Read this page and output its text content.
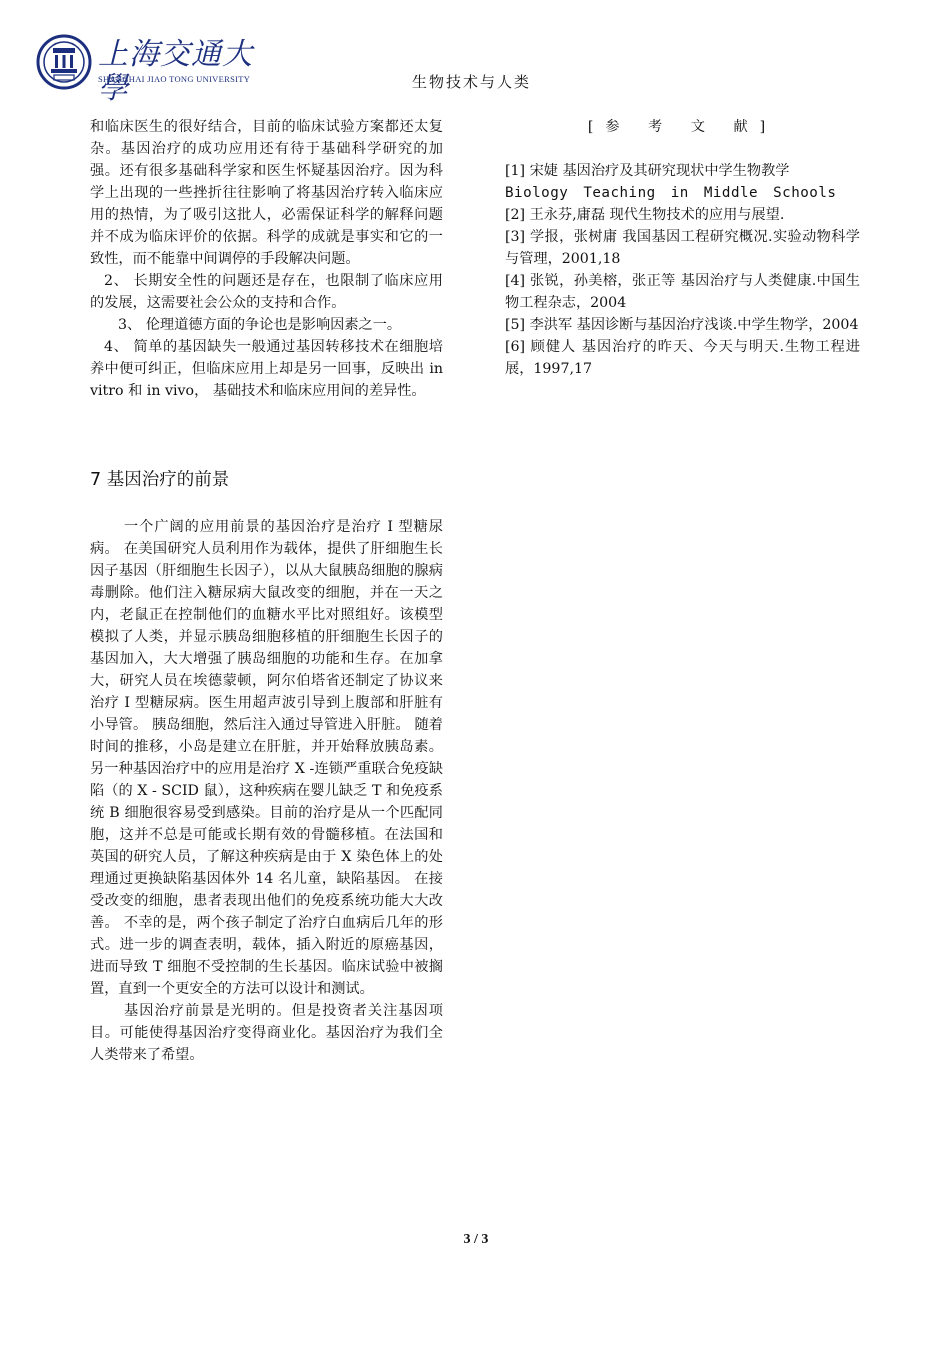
上海交通大學
SHANGHAI JIAO TONG UNIVERSITY	生物技术与人类

和临床医生的很好结合，目前的临床试验方案都还太复杂。基因治疗的成功应用还有待于基础科学研究的加强。还有很多基础科学家和医生怀疑基因治疗。因为科学上出现的一些挫折往往影响了将基因治疗转入临床应用的热情，为了吸引这批人，必需保证科学的解释问题并不成为临床评价的依据。科学的成就是事实和它的一致性，而不能靠中间调停的手段解决问题。

2、 长期安全性的问题还是存在，也限制了临床应用的发展，这需要社会公众的支持和合作。

3、 伦理道德方面的争论也是影响因素之一。

4、 简单的基因缺失一般通过基因转移技术在细胞培养中便可纠正，但临床应用上却是另一回事，反映出 in vitro 和 in vivo， 基础技术和临床应用间的差异性。

7 基因治疗的前景

一个广阔的应用前景的基因治疗是治疗 I 型糖尿病。 在美国研究人员利用作为载体，提供了肝细胞生长因子基因（肝细胞生长因子），以从大鼠胰岛细胞的腺病毒删除。他们注入糖尿病大鼠改变的细胞，并在一天之内，老鼠正在控制他们的血糖水平比对照组好。该模型模拟了人类，并显示胰岛细胞移植的肝细胞生长因子的基因加入，大大增强了胰岛细胞的功能和生存。在加拿大，研究人员在埃德蒙顿，阿尔伯塔省还制定了协议来治疗 I 型糖尿病。医生用超声波引导到上腹部和肝脏有小导管。 胰岛细胞，然后注入通过导管进入肝脏。 随着时间的推移，小岛是建立在肝脏，并开始释放胰岛素。另一种基因治疗中的应用是治疗 X -连锁严重联合免疫缺陷（的 X - SCID 鼠），这种疾病在婴儿缺乏 T 和免疫系统 B 细胞很容易受到感染。目前的治疗是从一个匹配同胞，这并不总是可能或长期有效的骨髓移植。在法国和英国的研究人员，了解这种疾病是由于 X 染色体上的处理通过更换缺陷基因体外 14 名儿童，缺陷基因。 在接受改变的细胞，患者表现出他们的免疫系统功能大大改善。 不幸的是，两个孩子制定了治疗白血病后几年的形式。进一步的调查表明，载体，插入附近的原癌基因，进而导致 T 细胞不受控制的生长基因。临床试验中被搁置，直到一个更安全的方法可以设计和测试。

基因治疗前景是光明的。但是投资者关注基因项目。可能使得基因治疗变得商业化。基因治疗为我们全人类带来了希望。

[参 考 文 献]

[1] 宋婕 基因治疗及其研究现状中学生物教学

Biology Teaching in Middle Schools

[2] 王永芬,庸磊 现代生物技术的应用与展望.

[3] 学报，张树庸 我国基因工程研究概况.实验动物科学与管理，2001,18

[4] 张锐，孙美榕，张正等 基因治疗与人类健康.中国生物工程杂志，2004

[5] 李洪军 基因诊断与基因治疗浅谈.中学生物学，2004

[6] 顾健人 基因治疗的昨天、今天与明天.生物工程进展，1997,17

3 / 3
